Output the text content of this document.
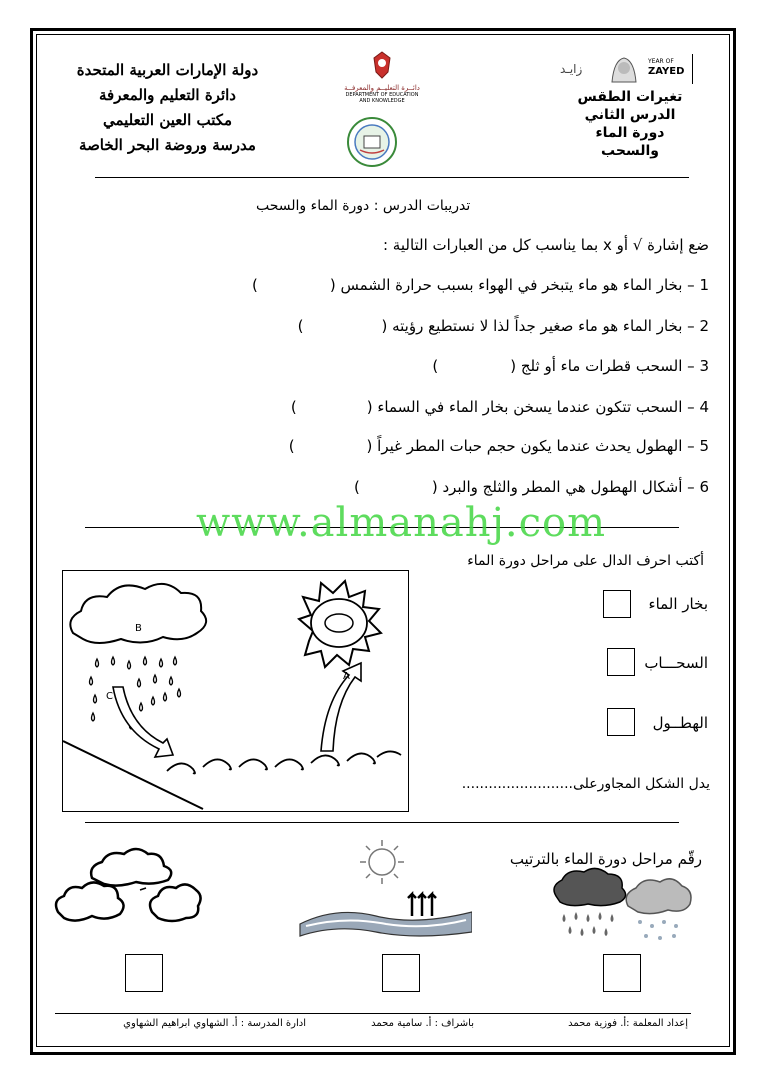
دولة الإمارات العربية المتحدة
دائرة التعليم والمعرفة
مكتب العين التعليمي
مدرسة وروضة البحر الخاصة
دائــرة التعليــم والمعرفــة
DEPARTMENT OF EDUCATION
AND KNOWLEDGE
زايـد
YEAR OF
ZAYED
تغيرات الطقس
الدرس الثاني
دورة الماء
والسحب
تدريبات الدرس : دورة الماء والسحب
ضع إشارة √ أو x بما يناسب كل من العبارات التالية :
1 – بخار الماء هو ماء يتبخر في الهواء بسبب حرارة الشمس ()
2 – بخار الماء هو ماء صغير جداً لذا لا نستطيع رؤيته ()
3 – السحب قطرات ماء أو ثلج ()
4 – السحب تتكون عندما يسخن بخار الماء في السماء ()
5 – الهطول يحدث عندما يكون حجم حبات المطر غيراً ()
6 – أشكال الهطول هي المطر والثلج والبرد ()
www.almanahj.com
أكتب احرف الدال على مراحل دورة الماء
B
C
A
بخار الماء
السحـــاب
الهطــول
يدل الشكل المجاورعلى.........................
رقّم مراحل دورة الماء بالترتيب
إعداد المعلمة :أ. فوزية محمد
باشراف : أ. سامية محمد
ادارة المدرسة : أ. الشهاوي ابراهيم الشهاوي
